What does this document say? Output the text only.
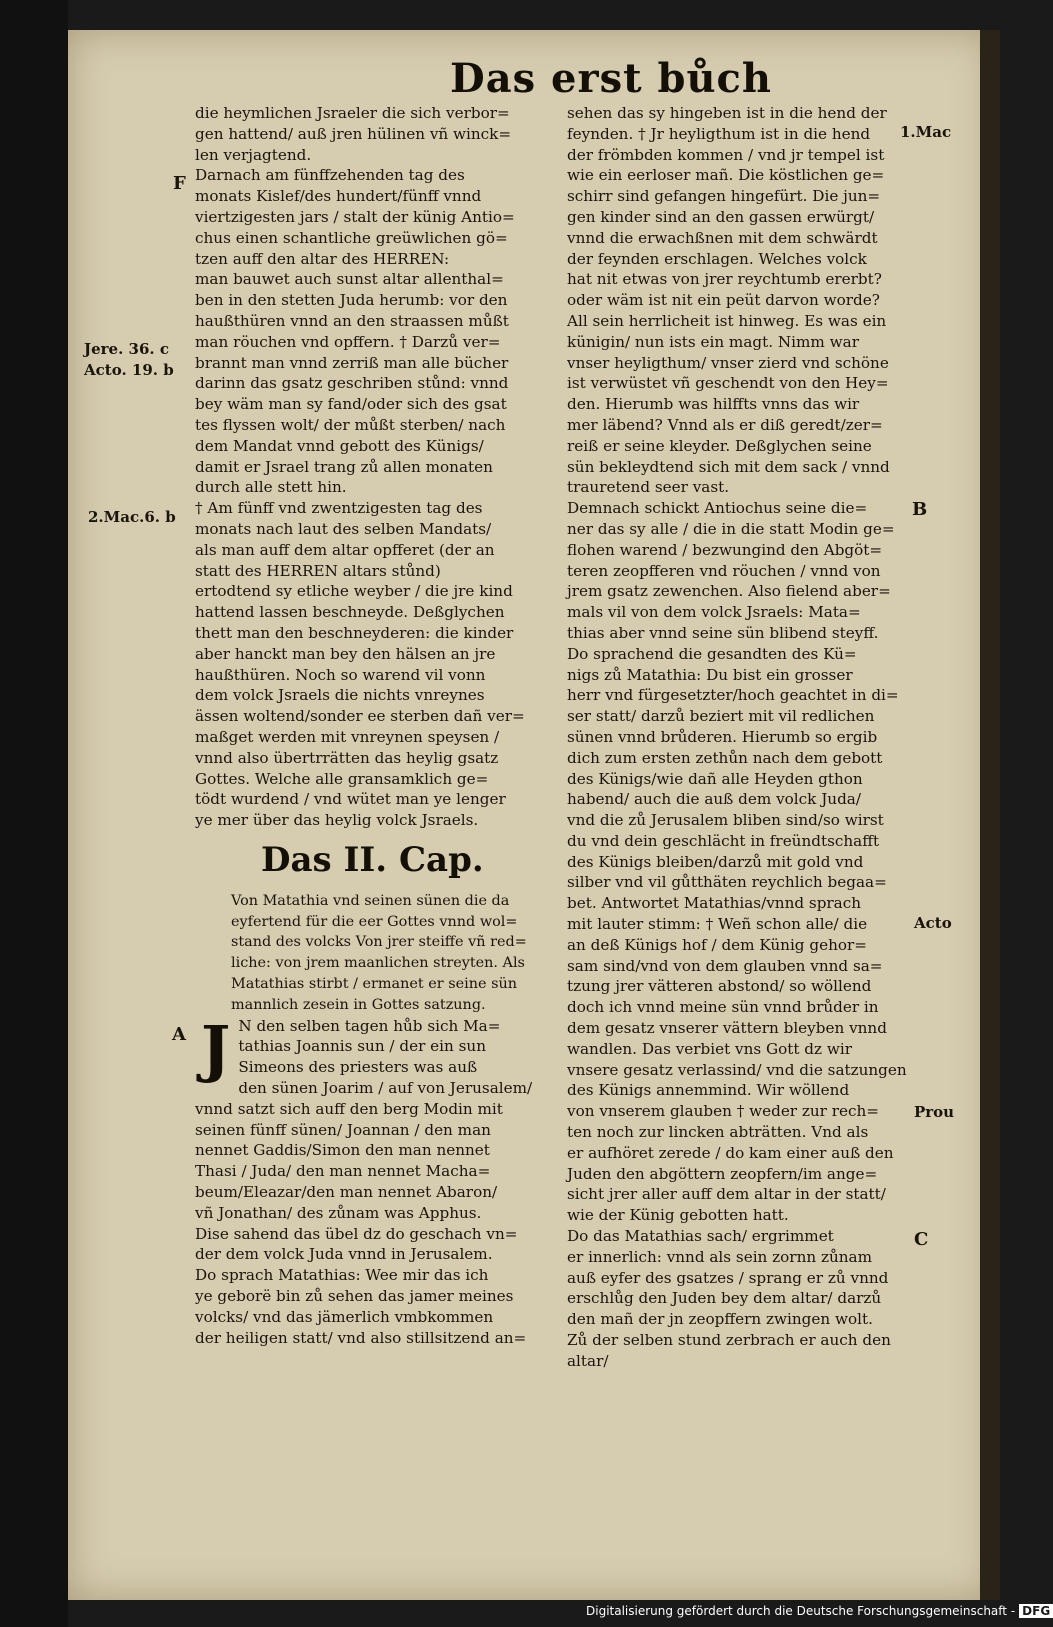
Das erst bůch
F
Jere. 36. c
Acto. 19. b
2.Mac.6. b
A
1.Mac
B
Acto
Prou
C
die heymlichen Jsraeler die sich verbor=
gen hattend/ auß jren hülinen vñ winck=
len verjagtend.
Darnach am fünffzehenden tag des
monats Kislef/des hundert/fünff vnnd
viertzigesten jars / stalt der künig Antio=
chus einen schantliche greüwlichen gö=
tzen auff den altar des HERREN:
man bauwet auch sunst altar allenthal=
ben in den stetten Juda herumb: vor den
haußthüren vnnd an den straassen můßt
man röuchen vnd opffern. † Darzů ver=
brannt man vnnd zerriß man alle bücher
darinn das gsatz geschriben stůnd: vnnd
bey wäm man sy fand/oder sich des gsat
tes flyssen wolt/ der můßt sterben/ nach
dem Mandat vnnd gebott des Künigs/
damit er Jsrael trang zů allen monaten
durch alle stett hin.
† Am fünff vnd zwentzigesten tag des
monats nach laut des selben Mandats/
als man auff dem altar opfferet (der an
statt des HERREN altars stůnd)
ertodtend sy etliche weyber / die jre kind
hattend lassen beschneyde. Deßglychen
thett man den beschneyderen: die kinder
aber hanckt man bey den hälsen an jre
haußthüren. Noch so warend vil vonn
dem volck Jsraels die nichts vnreynes
ässen woltend/sonder ee sterben dañ ver=
maßget werden mit vnreynen speysen /
vnnd also übertrrätten das heylig gsatz
Gottes. Welche alle gransamklich ge=
tödt wurdend / vnd wütet man ye lenger
ye mer über das heylig volck Jsraels.
Das II. Cap.
Von Matathia vnd seinen sünen die da
eyfertend für die eer Gottes vnnd wol=
stand des volcks Von jrer steiffe vñ red=
liche: von jrem maanlichen streyten. Als
Matathias stirbt / ermanet er seine sün
mannlich zesein in Gottes satzung.
J N den selben tagen hůb sich Ma=
tathias Joannis sun / der ein sun
Simeons des priesters was auß
den sünen Joarim / auf von Jerusalem/
vnnd satzt sich auff den berg Modin mit
seinen fünff sünen/ Joannan / den man
nennet Gaddis/Simon den man nennet
Thasi / Juda/ den man nennet Macha=
beum/Eleazar/den man nennet Abaron/
vñ Jonathan/ des zůnam was Apphus.
Dise sahend das übel dz do geschach vn=
der dem volck Juda vnnd in Jerusalem.
Do sprach Matathias: Wee mir das ich
ye geborë bin zů sehen das jamer meines
volcks/ vnd das jämerlich vmbkommen
der heiligen statt/ vnd also stillsitzend an=
sehen das sy hingeben ist in die hend der
feynden. † Jr heyligthum ist in die hend
der frömbden kommen / vnd jr tempel ist
wie ein eerloser mañ. Die köstlichen ge=
schirr sind gefangen hingefürt. Die jun=
gen kinder sind an den gassen erwürgt/
vnnd die erwachßnen mit dem schwärdt
der feynden erschlagen. Welches volck
hat nit etwas von jrer reychtumb ererbt?
oder wäm ist nit ein peüt darvon worde?
All sein herrlicheit ist hinweg. Es was ein
künigin/ nun ists ein magt. Nimm war
vnser heyligthum/ vnser zierd vnd schöne
ist verwüstet vñ geschendt von den Hey=
den. Hierumb was hilffts vnns das wir
mer läbend? Vnnd als er diß geredt/zer=
reiß er seine kleyder. Deßglychen seine
sün bekleydtend sich mit dem sack / vnnd
trauretend seer vast.
Demnach schickt Antiochus seine die=
ner das sy alle / die in die statt Modin ge=
flohen warend / bezwungind den Abgöt=
teren zeopfferen vnd röuchen / vnnd von
jrem gsatz zewenchen. Also fielend aber=
mals vil von dem volck Jsraels: Mata=
thias aber vnnd seine sün blibend steyff.
Do sprachend die gesandten des Kü=
nigs zů Matathia: Du bist ein grosser
herr vnd fürgesetzter/hoch geachtet in di=
ser statt/ darzů beziert mit vil redlichen
sünen vnnd brůderen. Hierumb so ergib
dich zum ersten zethůn nach dem gebott
des Künigs/wie dañ alle Heyden gthon
habend/ auch die auß dem volck Juda/
vnd die zů Jerusalem bliben sind/so wirst
du vnd dein geschlächt in freündtschafft
des Künigs bleiben/darzů mit gold vnd
silber vnd vil gůtthäten reychlich begaa=
bet. Antwortet Matathias/vnnd sprach
mit lauter stimm: † Weñ schon alle/ die
an deß Künigs hof / dem Künig gehor=
sam sind/vnd von dem glauben vnnd sa=
tzung jrer vätteren abstond/ so wöllend
doch ich vnnd meine sün vnnd brůder in
dem gesatz vnserer vättern bleyben vnnd
wandlen. Das verbiet vns Gott dz wir
vnsere gesatz verlassind/ vnd die satzungen
des Künigs annemmind. Wir wöllend
von vnserem glauben † weder zur rech=
ten noch zur lincken abträtten. Vnd als
er aufhöret zerede / do kam einer auß den
Juden den abgöttern zeopfern/im ange=
sicht jrer aller auff dem altar in der statt/
wie der Künig gebotten hatt.
Do das Matathias sach/ ergrimmet
er innerlich: vnnd als sein zornn zůnam
auß eyfer des gsatzes / sprang er zů vnnd
erschlůg den Juden bey dem altar/ darzů
den mañ der jn zeopffern zwingen wolt.
Zů der selben stund zerbrach er auch den
altar/
Digitalisierung gefördert durch die Deutsche Forschungsgemeinschaft - DFG
